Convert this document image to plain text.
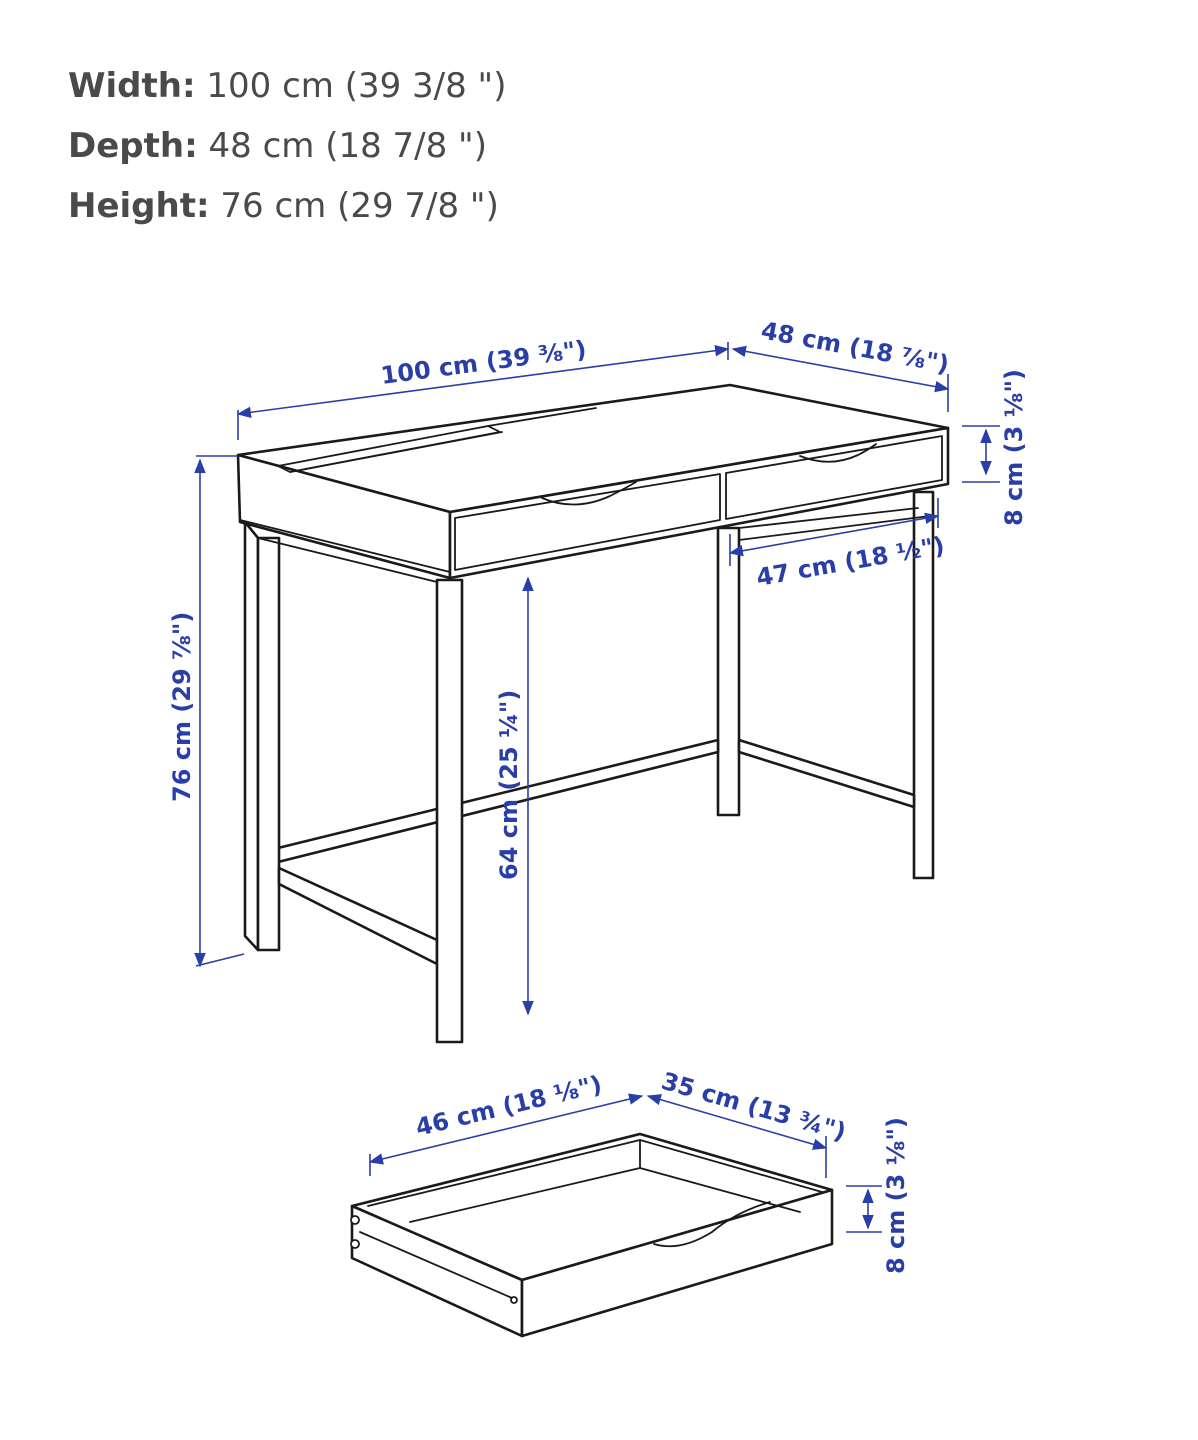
Width: 100 cm (39 3/8 ")
Depth: 48 cm (18 7/8 ")
Height: 76 cm (29 7/8 ")
100 cm (39 ⅜")	48 cm (18 ⅞")
8 cm (3 ⅛")
76 cm (29 ⅞")
47 cm (18 ½")
64 cm (25 ¼")
46 cm (18 ⅛") 35 cm (13 ¾")
8 cm (3 ⅛")
